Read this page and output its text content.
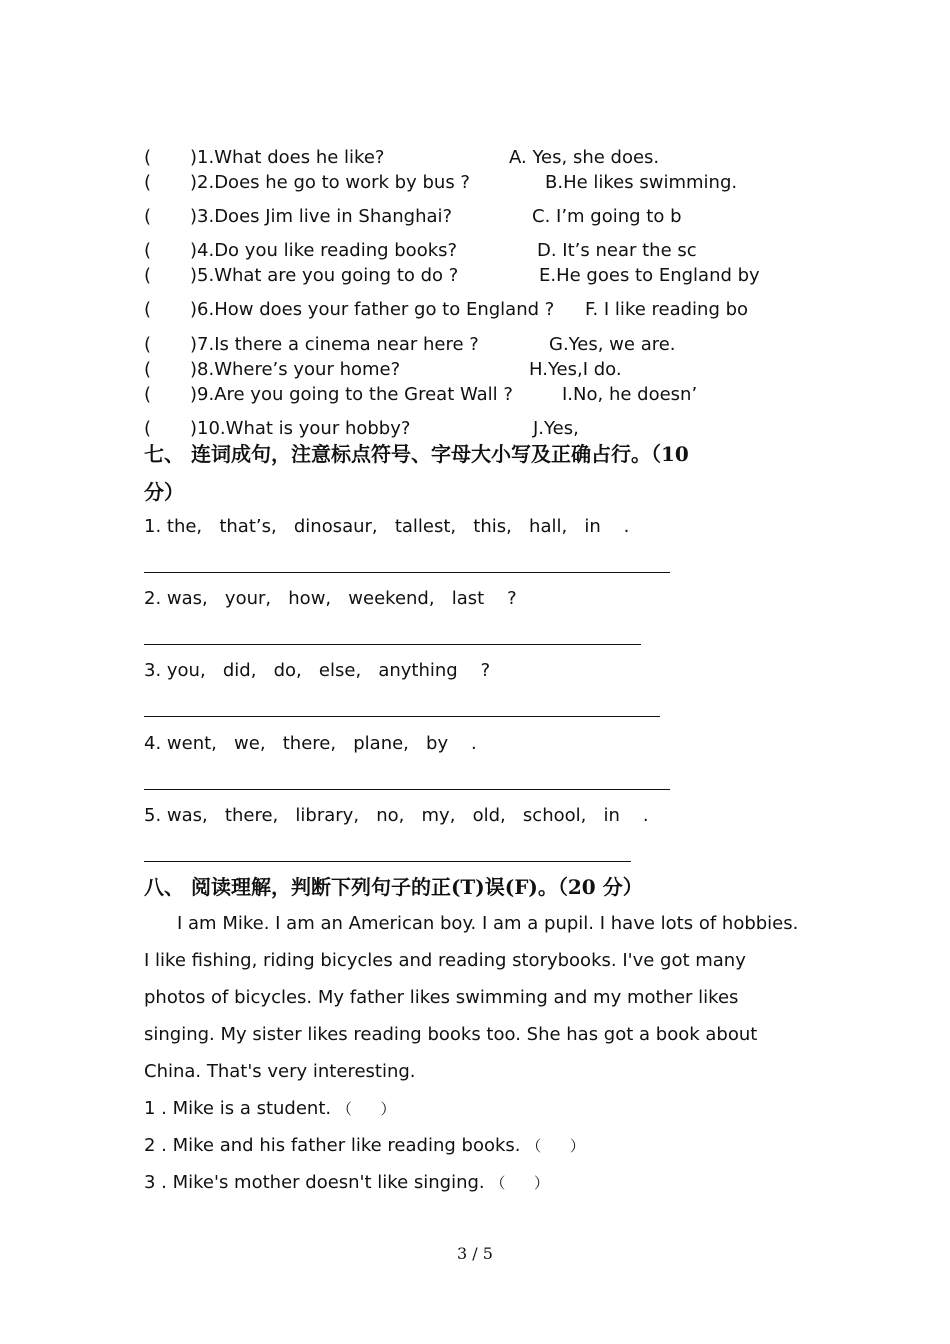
( )1.What does he like?	A. Yes, she does.
( )2.Does he go to work by bus ?	B.He likes swimming.
( )3.Does Jim live in Shanghai?	C. I’m going to b
( )4.Do you like reading books?	D. It’s near the sc
( )5.What are you going to do ?	E.He goes to England by
( )6.How does your father go to England ? F. I like reading bo
( )7.Is there a cinema near here ?	G.Yes, we are.
( )8.Where’s your home?	H.Yes,I do.
( )9.Are you going to the Great Wall ?	I.No, he doesn’
( )10.What is your hobby?	J.Yes,
七、 连词成句，注意标点符号、字母大小写及正确占行。（10
分）
1. the,   that’s,   dinosaur,   tallest,   this,   hall,   in    .
2. was,   your,   how,   weekend,   last    ?
3. you,   did,   do,   else,   anything    ?
4. went,   we,   there,   plane,   by    .
5. was,   there,   library,   no,   my,   old,   school,   in    .
八、 阅读理解，判断下列句子的正(T)误(F)。（20 分）
I am Mike. I am an American boy. I am a pupil. I have lots of hobbies. I like fishing, riding bicycles and reading storybooks. I've got many photos of bicycles. My father likes swimming and my mother likes singing. My sister likes reading books too. She has got a book about China. That's very interesting.
1 . Mike is a student. （      ）
2 . Mike and his father like reading books. （      ）
3 . Mike's mother doesn't like singing. （      ）
3 / 5
